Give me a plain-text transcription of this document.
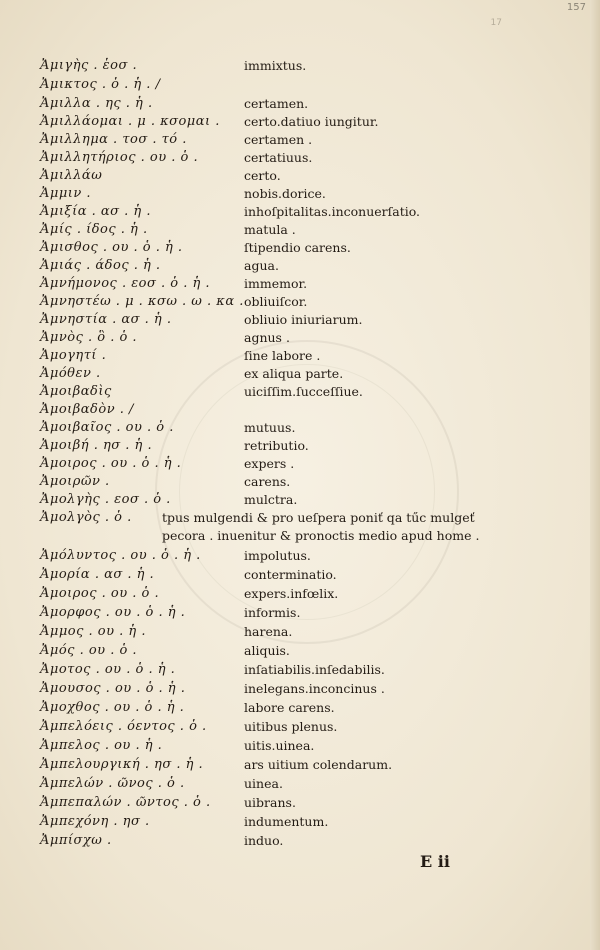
157
17
Ἀμιγὴς . ἑοσ .	immixtus.
Ἀμικτος . ὁ . ἡ . /
Ἀμιλλα . ης . ἡ .	certamen.
Ἀμιλλάομαι . μ . κσομαι . certo.datiuo iungitur.
Ἀμιλλημα . τοσ . τό .	certamen .
Ἀμιλλητήριος . ου . ὁ .	certatiuus.
Ἀμιλλάω	certo.
Ἀμμιν .	nobis.dorice.
Ἀμιξία . ασ . ἡ .	inhoſpitalitas.inconuerſatio.
Ἀμίς . ίδος . ἡ .	matula .
Ἀμισθος . ου . ὁ . ἡ .	ſtipendio carens.
Ἀμιάς . άδος . ἡ .	agua.
Ἀμνήμονος . εοσ . ὁ . ἡ .	immemor.
Ἀμνηστέω . μ . κσω . ω . κα . obliuiſcor.
Ἀμνηστία . ασ . ἡ .	obliuio iniuriarum.
Ἀμνὸς . ὃ . ὁ .	agnus .
Ἀμογητί .	ſine labore .
Ἀμόθεν .	ex aliqua parte.
Ἀμοιβαδὶς	uiciſſim.ſucceſſiue.
Ἀμοιβαδὸν . /
Ἀμοιβαῖος . ου . ὁ .	mutuus.
Ἀμοιβή . ησ . ἡ .	retributio.
Ἀμοιρος . ου . ὁ . ἡ .	expers .
Ἀμοιρῶν .	carens.
Ἀμολγὴς . εοσ . ὁ .	mulctra.
Ἀμολγὸς . ὁ . tpus mulgendi & pro ueſpera poniť qa tűc mulgeť
pecora . inuenitur & pronoctis medio apud home .
Ἀμόλυντος . ου . ὁ . ἡ .	impolutus.
Ἀμορία . ασ . ἡ .	conterminatio.
Ἀμοιρος . ου . ὁ .	expers.infœlix.
Ἀμορφος . ου . ὁ . ἡ .	informis.
Ἀμμος . ου . ἡ .	harena.
Ἀμός . ου . ὁ .	aliquis.
Ἀμοτος . ου . ὁ . ἡ .	inſatiabilis.inſedabilis.
Ἀμουσος . ου . ὁ . ἡ .	inelegans.inconcinus .
Ἀμοχθος . ου . ὁ . ἡ .	labore carens.
Ἀμπελόεις . όεντος . ὁ .	uitibus plenus.
Ἀμπελος . ου . ἡ .	uitis.uinea.
Ἀμπελουργική . ησ . ἡ .	ars uitium colendarum.
Ἀμπελών . ῶνος . ὁ .	uinea.
Ἀμπεπαλών . ῶντος . ὁ .	uibrans.
Ἀμπεχόνη . ησ .	indumentum.
Ἀμπίσχω .	induo.
E ii
